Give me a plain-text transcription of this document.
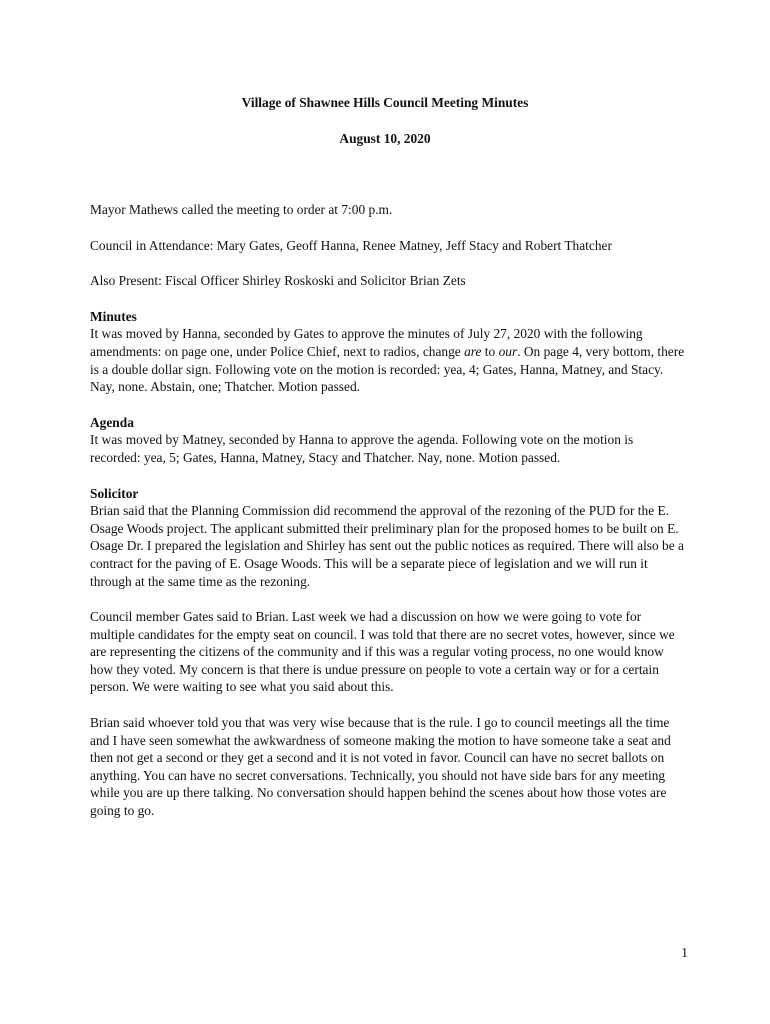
Village of Shawnee Hills Council Meeting Minutes
August 10, 2020

Mayor Mathews called the meeting to order at 7:00 p.m.

Council in Attendance: Mary Gates, Geoff Hanna, Renee Matney, Jeff Stacy and Robert Thatcher

Also Present: Fiscal Officer Shirley Roskoski and Solicitor Brian Zets

Minutes

It was moved by Hanna, seconded by Gates to approve the minutes of July 27, 2020 with the following amendments: on page one, under Police Chief, next to radios, change are to our. On page 4, very bottom, there is a double dollar sign. Following vote on the motion is recorded: yea, 4; Gates, Hanna, Matney, and Stacy. Nay, none. Abstain, one; Thatcher. Motion passed.

Agenda

It was moved by Matney, seconded by Hanna to approve the agenda. Following vote on the motion is recorded: yea, 5; Gates, Hanna, Matney, Stacy and Thatcher. Nay, none. Motion passed.

Solicitor

Brian said that the Planning Commission did recommend the approval of the rezoning of the PUD for the E. Osage Woods project. The applicant submitted their preliminary plan for the proposed homes to be built on E. Osage Dr. I prepared the legislation and Shirley has sent out the public notices as required. There will also be a contract for the paving of E. Osage Woods. This will be a separate piece of legislation and we will run it through at the same time as the rezoning.

Council member Gates said to Brian. Last week we had a discussion on how we were going to vote for multiple candidates for the empty seat on council. I was told that there are no secret votes, however, since we are representing the citizens of the community and if this was a regular voting process, no one would know how they voted. My concern is that there is undue pressure on people to vote a certain way or for a certain person. We were waiting to see what you said about this.

Brian said whoever told you that was very wise because that is the rule. I go to council meetings all the time and I have seen somewhat the awkwardness of someone making the motion to have someone take a seat and then not get a second or they get a second and it is not voted in favor. Council can have no secret ballots on anything. You can have no secret conversations. Technically, you should not have side bars for any meeting while you are up there talking. No conversation should happen behind the scenes about how those votes are going to go.

1
